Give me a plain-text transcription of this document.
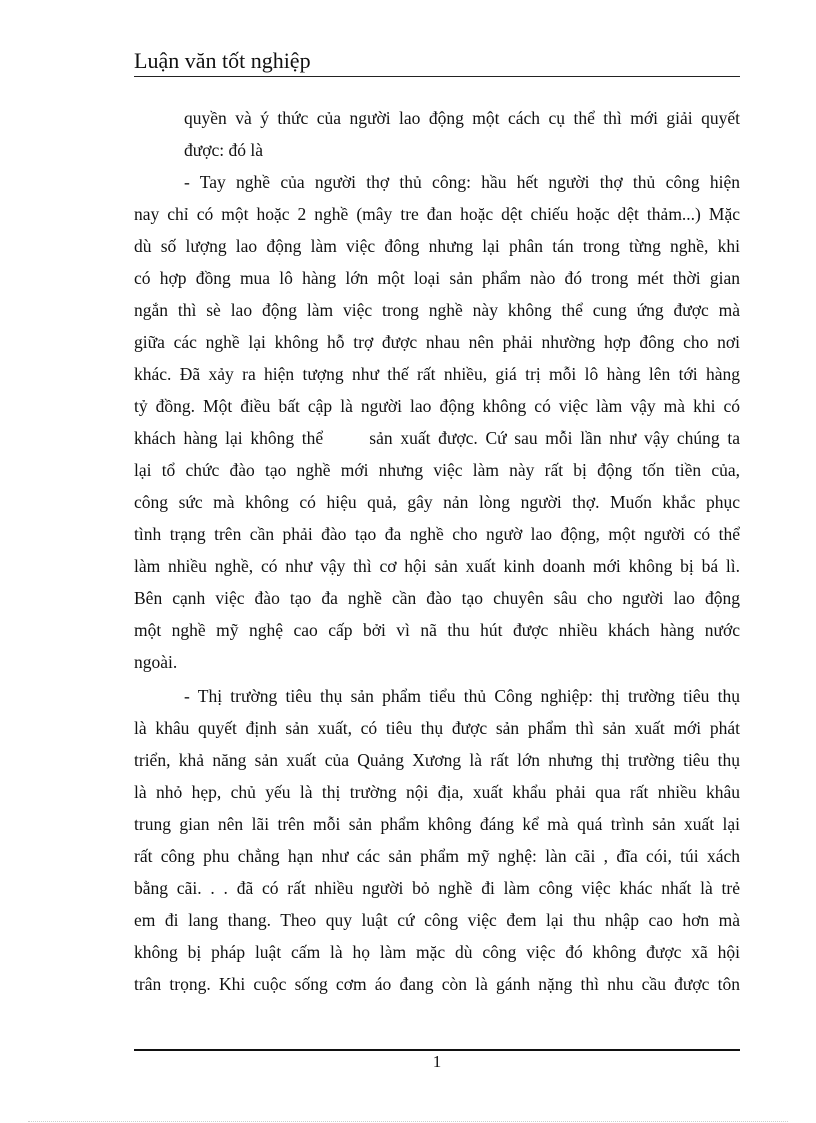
Luận văn tốt nghiệp
quyền và ý thức của người lao động một cách cụ thể thì mới giải quyết
được: đó là
- Tay nghề của người thợ thủ công: hầu hết người thợ thủ công hiện
nay chỉ có một hoặc 2 nghề (mây tre đan hoặc dệt chiếu hoặc dệt thảm...) Mặc
dù số lượng lao động làm việc đông nhưng lại phân tán trong từng nghề, khi
có hợp đồng mua lô hàng lớn một loại sản phẩm nào đó trong mét thời gian
ngắn thì sè lao động làm việc trong nghề này không thể cung ứng được mà
giữa các nghề lại không hỗ trợ được nhau nên phải nhường hợp đông cho nơi
khác. Đã xảy ra hiện tượng như thế rất nhiều, giá trị mỗi lô hàng lên tới hàng
tỷ đồng. Một điều bất cập là người lao động không có việc làm vậy mà khi có
khách hàng lại không thể      sản xuất được. Cứ sau mỗi lần như vậy chúng ta
lại tổ chức đào tạo nghề mới nhưng việc làm này rất bị động tốn tiền của,
công sức mà không có hiệu quả, gây nản lòng người thợ. Muốn khắc phục
tình trạng trên cần phải đào tạo đa nghề cho ngườ lao động, một người có thể
làm nhiều nghề, có như vậy thì cơ hội sản xuất kinh doanh mới không bị bá lì.
Bên cạnh việc đào tạo đa nghề cần đào tạo chuyên sâu cho người lao động
một nghề mỹ nghệ cao cấp bởi vì nã thu hút được nhiều khách hàng nước
ngoài.
- Thị trường tiêu thụ sản phẩm tiểu thủ Công nghiệp: thị trường tiêu thụ
là khâu quyết định sản xuất, có tiêu thụ được sản phẩm thì sản xuất mới phát
triển, khả năng sản xuất của Quảng Xương là rất lớn nhưng thị trường tiêu thụ
là nhỏ hẹp, chủ yếu là thị trường nội địa, xuất khẩu phải qua rất nhiều khâu
trung gian nên lãi trên mỗi sản phẩm không đáng kể mà quá trình sản xuất lại
rất công phu chẳng hạn như các sản phẩm mỹ nghệ: làn cãi , đĩa cói, túi xách
bằng cãi. . . đã có rất nhiều người bỏ nghề đi làm công việc khác nhất là trẻ
em đi lang thang. Theo quy luật cứ công việc đem lại thu nhập cao hơn mà
không bị pháp luật cấm là họ làm mặc dù công việc đó không được xã hội
trân trọng. Khi cuộc sống cơm áo đang còn là gánh nặng thì nhu cầu được tôn
1
